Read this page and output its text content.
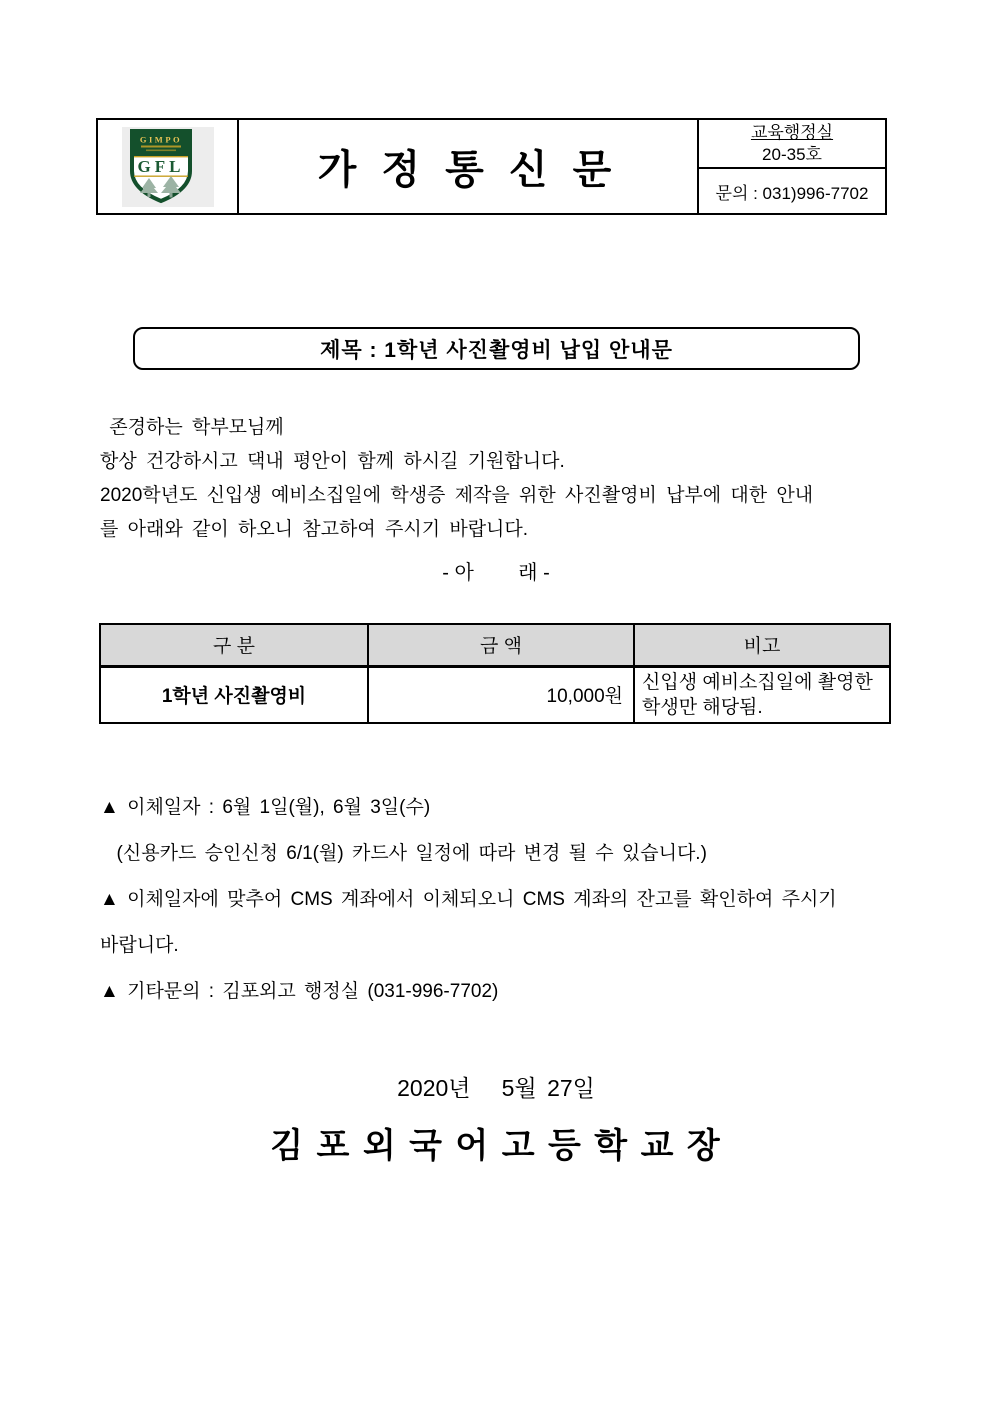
GIMPO
GFL	가 정 통 신 문
교육행정실
20-35호
문의 : 031)996-7702
제목 : 1학년 사진촬영비 납입 안내문
존경하는 학부모님께
항상 건강하시고 댁내 평안이 함께 하시길 기원합니다.
2020학년도 신입생 예비소집일에 학생증 제작을 위한 사진촬영비 납부에 대한 안내
를 아래와 같이 하오니 참고하여 주시기 바랍니다.
- 아        래 -
구 분	금 액	비고
1학년 사진촬영비	10,000원	신입생 예비소집일에 촬영한 학생만 해당됨.
▲ 이체일자 : 6월 1일(월), 6월 3일(수)
(신용카드 승인신청 6/1(월) 카드사 일정에 따라 변경 될 수 있습니다.)
▲ 이체일자에 맞추어 CMS 계좌에서 이체되오니 CMS 계좌의 잔고를 확인하여 주시기
바랍니다.
▲ 기타문의 : 김포외고 행정실 (031-996-7702)
2020년   5월 27일
김 포 외 국 어 고 등 학 교 장
